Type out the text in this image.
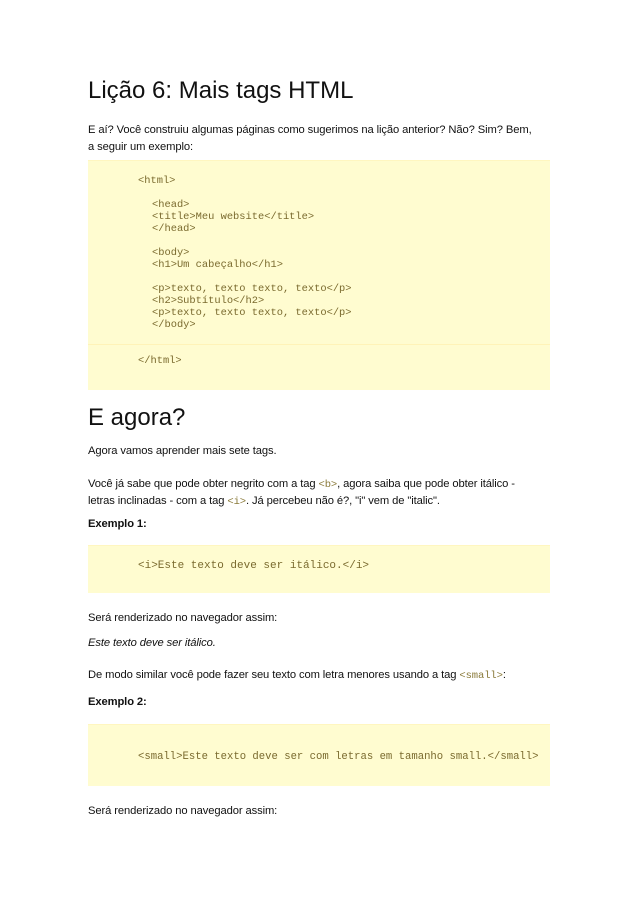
Lição 6: Mais tags HTML

E aí? Você construiu algumas páginas como sugerimos na lição anterior? Não? Sim? Bem,

a seguir um exemplo:

<html>
<head>
<title>Meu website</title>
</head>
<body>
<h1>Um cabeçalho</h1>
<p>texto, texto texto, texto</p>
<h2>Subtítulo</h2>
<p>texto, texto texto, texto</p>
</body>
</html>
E agora?

Agora vamos aprender mais sete tags.

Você já sabe que pode obter negrito com a tag <b>, agora saiba que pode obter itálico -

letras inclinadas - com a tag <i>. Já percebeu não é?, "i" vem de "italic".

Exemplo 1:

<i>Este texto deve ser itálico.</i>

Será renderizado no navegador assim:

Este texto deve ser itálico.

De modo similar você pode fazer seu texto com letra menores usando a tag <small>:

Exemplo 2:

<small>Este texto deve ser com letras em tamanho small.</small>

Será renderizado no navegador assim:
